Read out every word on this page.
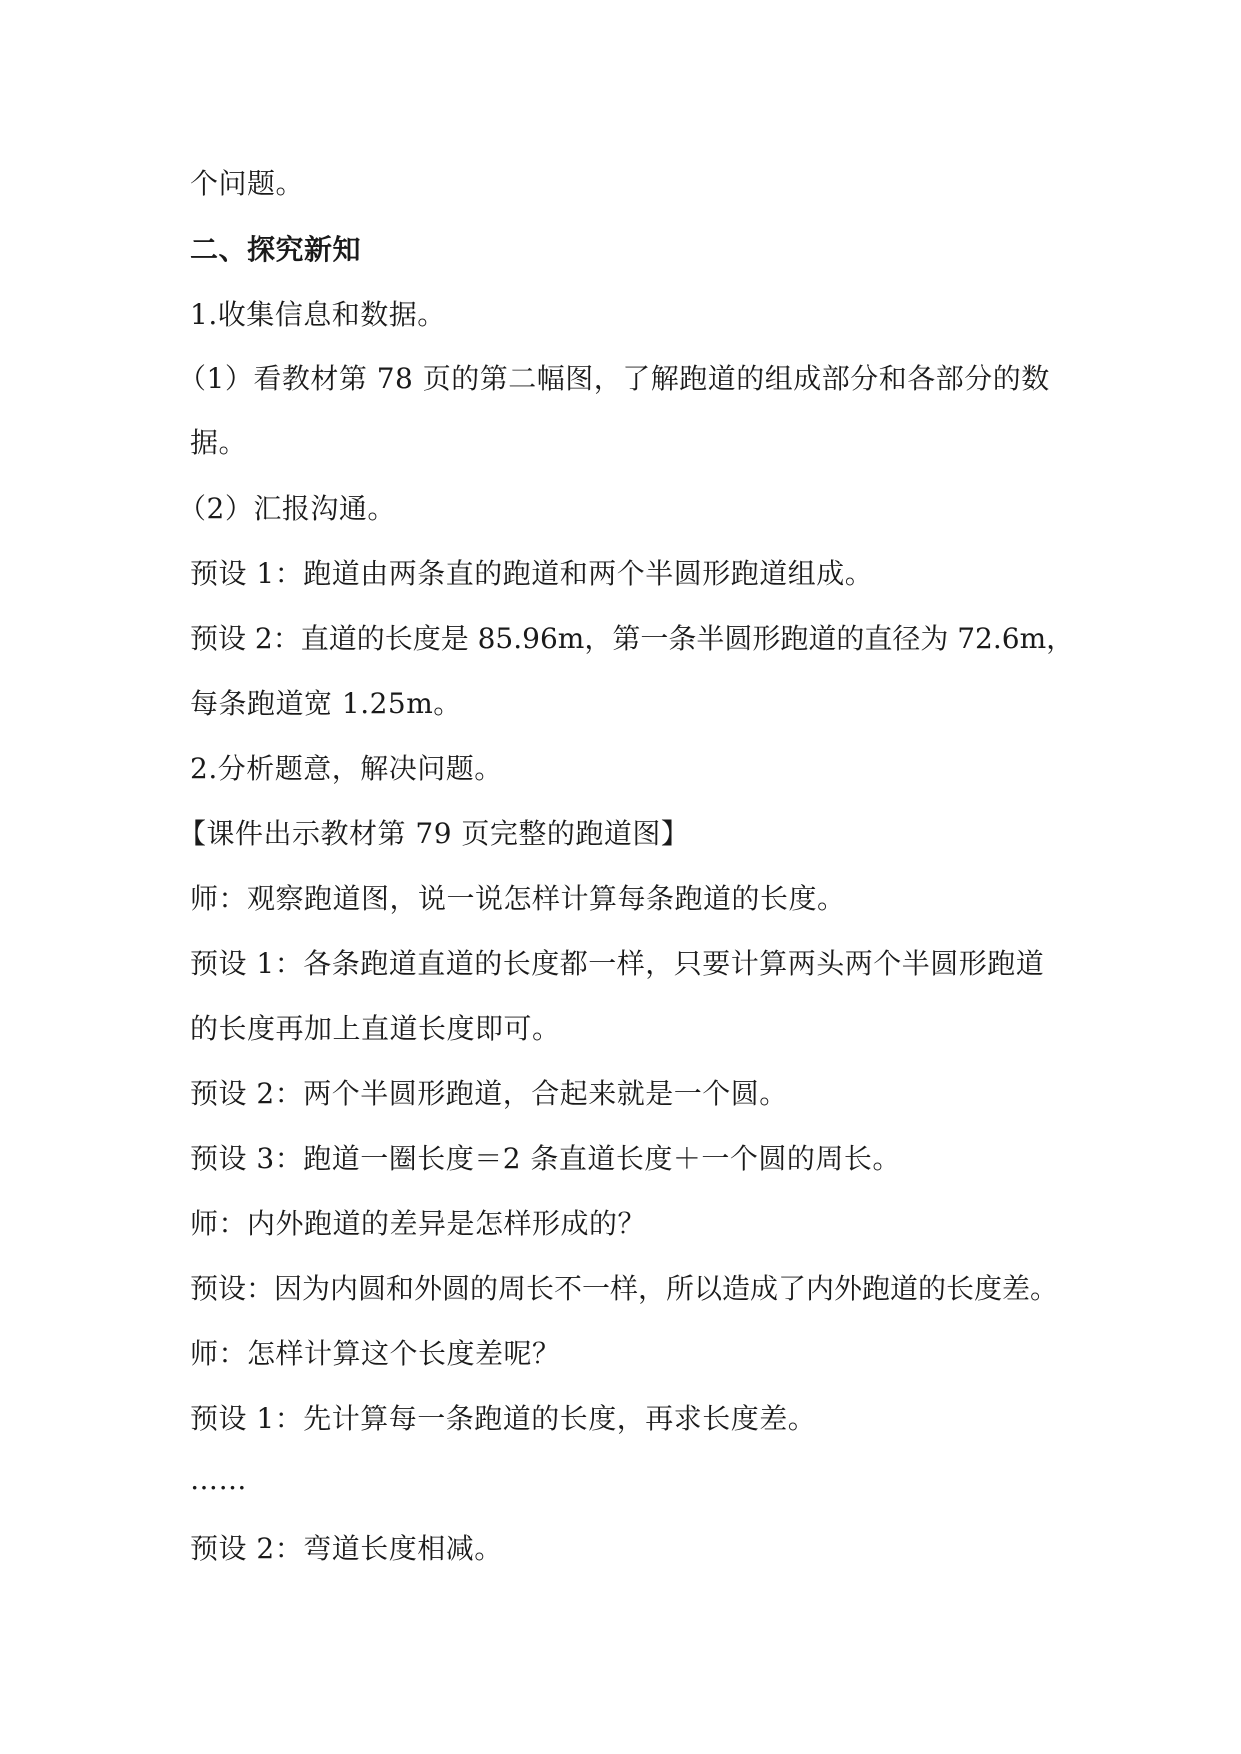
个问题。
二、探究新知
1.收集信息和数据。
（1）看教材第 78 页的第二幅图，了解跑道的组成部分和各部分的数
据。
（2）汇报沟通。
预设 1：跑道由两条直的跑道和两个半圆形跑道组成。
预设 2：直道的长度是 85.96m，第一条半圆形跑道的直径为 72.6m，
每条跑道宽 1.25m。
2.分析题意，解决问题。
【课件出示教材第 79 页完整的跑道图】
师：观察跑道图，说一说怎样计算每条跑道的长度。
预设 1：各条跑道直道的长度都一样，只要计算两头两个半圆形跑道
的长度再加上直道长度即可。
预设 2：两个半圆形跑道，合起来就是一个圆。
预设 3：跑道一圈长度＝2 条直道长度＋一个圆的周长。
师：内外跑道的差异是怎样形成的？
预设：因为内圆和外圆的周长不一样，所以造成了内外跑道的长度差。
师：怎样计算这个长度差呢？
预设 1：先计算每一条跑道的长度，再求长度差。
……
预设 2：弯道长度相减。
